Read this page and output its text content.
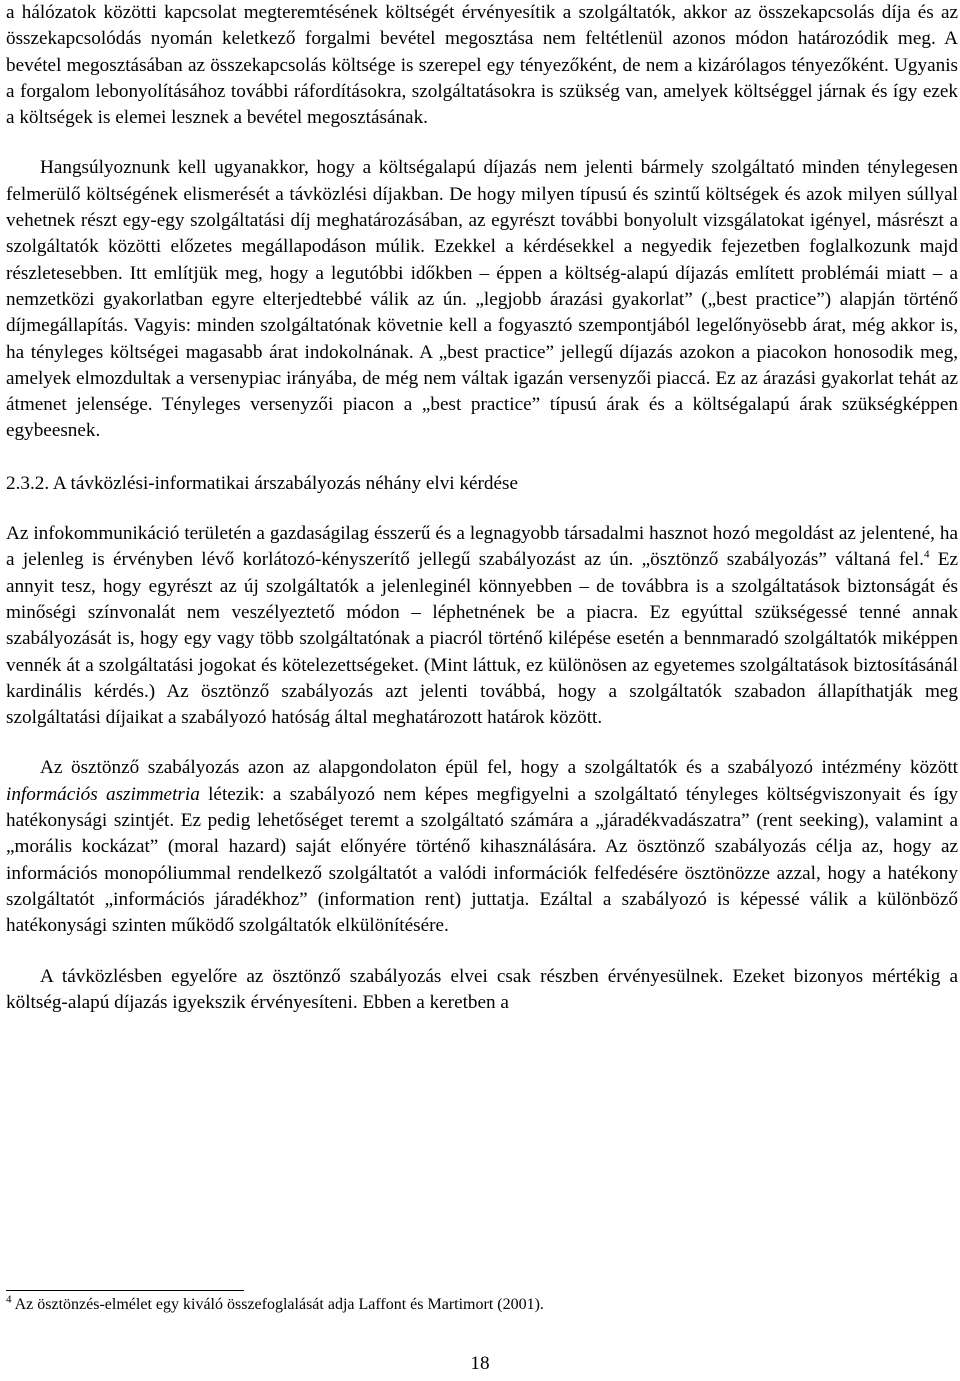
a hálózatok közötti kapcsolat megteremtésének költségét érvényesítik a szolgáltatók, akkor az összekapcsolás díja és az összekapcsolódás nyomán keletkező forgalmi bevétel megosztása nem feltétlenül azonos módon határozódik meg. A bevétel megosztásában az összekapcsolás költsége is szerepel egy tényezőként, de nem a kizárólagos tényezőként. Ugyanis a forgalom lebonyolításához további ráfordításokra, szolgáltatásokra is szükség van, amelyek költséggel járnak és így ezek a költségek is elemei lesznek a bevétel megosztásának.

Hangsúlyoznunk kell ugyanakkor, hogy a költségalapú díjazás nem jelenti bármely szolgáltató minden ténylegesen felmerülő költségének elismerését a távközlési díjakban. De hogy milyen típusú és szintű költségek és azok milyen súllyal vehetnek részt egy-egy szolgáltatási díj meghatározásában, az egyrészt további bonyolult vizsgálatokat igényel, másrészt a szolgáltatók közötti előzetes megállapodáson múlik. Ezekkel a kérdésekkel a negyedik fejezetben foglalkozunk majd részletesebben. Itt említjük meg, hogy a legutóbbi időkben – éppen a költség-alapú díjazás említett problémái miatt – a nemzetközi gyakorlatban egyre elterjedtebbé válik az ún. „legjobb árazási gyakorlat” („best practice”) alapján történő díjmegállapítás. Vagyis: minden szolgáltatónak követnie kell a fogyasztó szempontjából legelőnyösebb árat, még akkor is, ha tényleges költségei magasabb árat indokolnának. A „best practice” jellegű díjazás azokon a piacokon honosodik meg, amelyek elmozdultak a versenypiac irányába, de még nem váltak igazán versenyzői piaccá. Ez az árazási gyakorlat tehát az átmenet jelensége. Tényleges versenyzői piacon a „best practice” típusú árak és a költségalapú árak szükségképpen egybeesnek.

2.3.2. A távközlési-informatikai árszabályozás néhány elvi kérdése

Az infokommunikáció területén a gazdaságilag ésszerű és a legnagyobb társadalmi hasznot hozó megoldást az jelentené, ha a jelenleg is érvényben lévő korlátozó-kényszerítő jellegű szabályozást az ún. „ösztönző szabályozás” váltaná fel.$^4$ Ez annyit tesz, hogy egyrészt az új szolgáltatók a jelenleginél könnyebben – de továbbra is a szolgáltatások biztonságát és minőségi színvonalát nem veszélyeztető módon – léphetnének be a piacra. Ez egyúttal szükségessé tenné annak szabályozását is, hogy egy vagy több szolgáltatónak a piacról történő kilépése esetén a bennmaradó szolgáltatók miképpen vennék át a szolgáltatási jogokat és kötelezettségeket. (Mint láttuk, ez különösen az egyetemes szolgáltatások biztosításánál kardinális kérdés.) Az ösztönző szabályozás azt jelenti továbbá, hogy a szolgáltatók szabadon állapíthatják meg szolgáltatási díjaikat a szabályozó hatóság által meghatározott határok között.

Az ösztönző szabályozás azon az alapgondolaton épül fel, hogy a szolgáltatók és a szabályozó intézmény között információs aszimmetria létezik: a szabályozó nem képes megfigyelni a szolgáltató tényleges költségviszonyait és így hatékonysági szintjét. Ez pedig lehetőséget teremt a szolgáltató számára a „járadékvadászatra” (rent seeking), valamint a „morális kockázat” (moral hazard) saját előnyére történő kihasználására. Az ösztönző szabályozás célja az, hogy az információs monopóliummal rendelkező szolgáltatót a valódi információk felfedésére ösztönözze azzal, hogy a hatékony szolgáltatót „információs járadékhoz” (information rent) juttatja. Ezáltal a szabályozó is képessé válik a különböző hatékonysági szinten működő szolgáltatók elkülönítésére.

A távközlésben egyelőre az ösztönző szabályozás elvei csak részben érvényesülnek. Ezeket bizonyos mértékig a költség-alapú díjazás igyekszik érvényesíteni. Ebben a keretben a

$^4$ Az ösztönzés-elmélet egy kiváló összefoglalását adja Laffont és Martimort (2001).
18
